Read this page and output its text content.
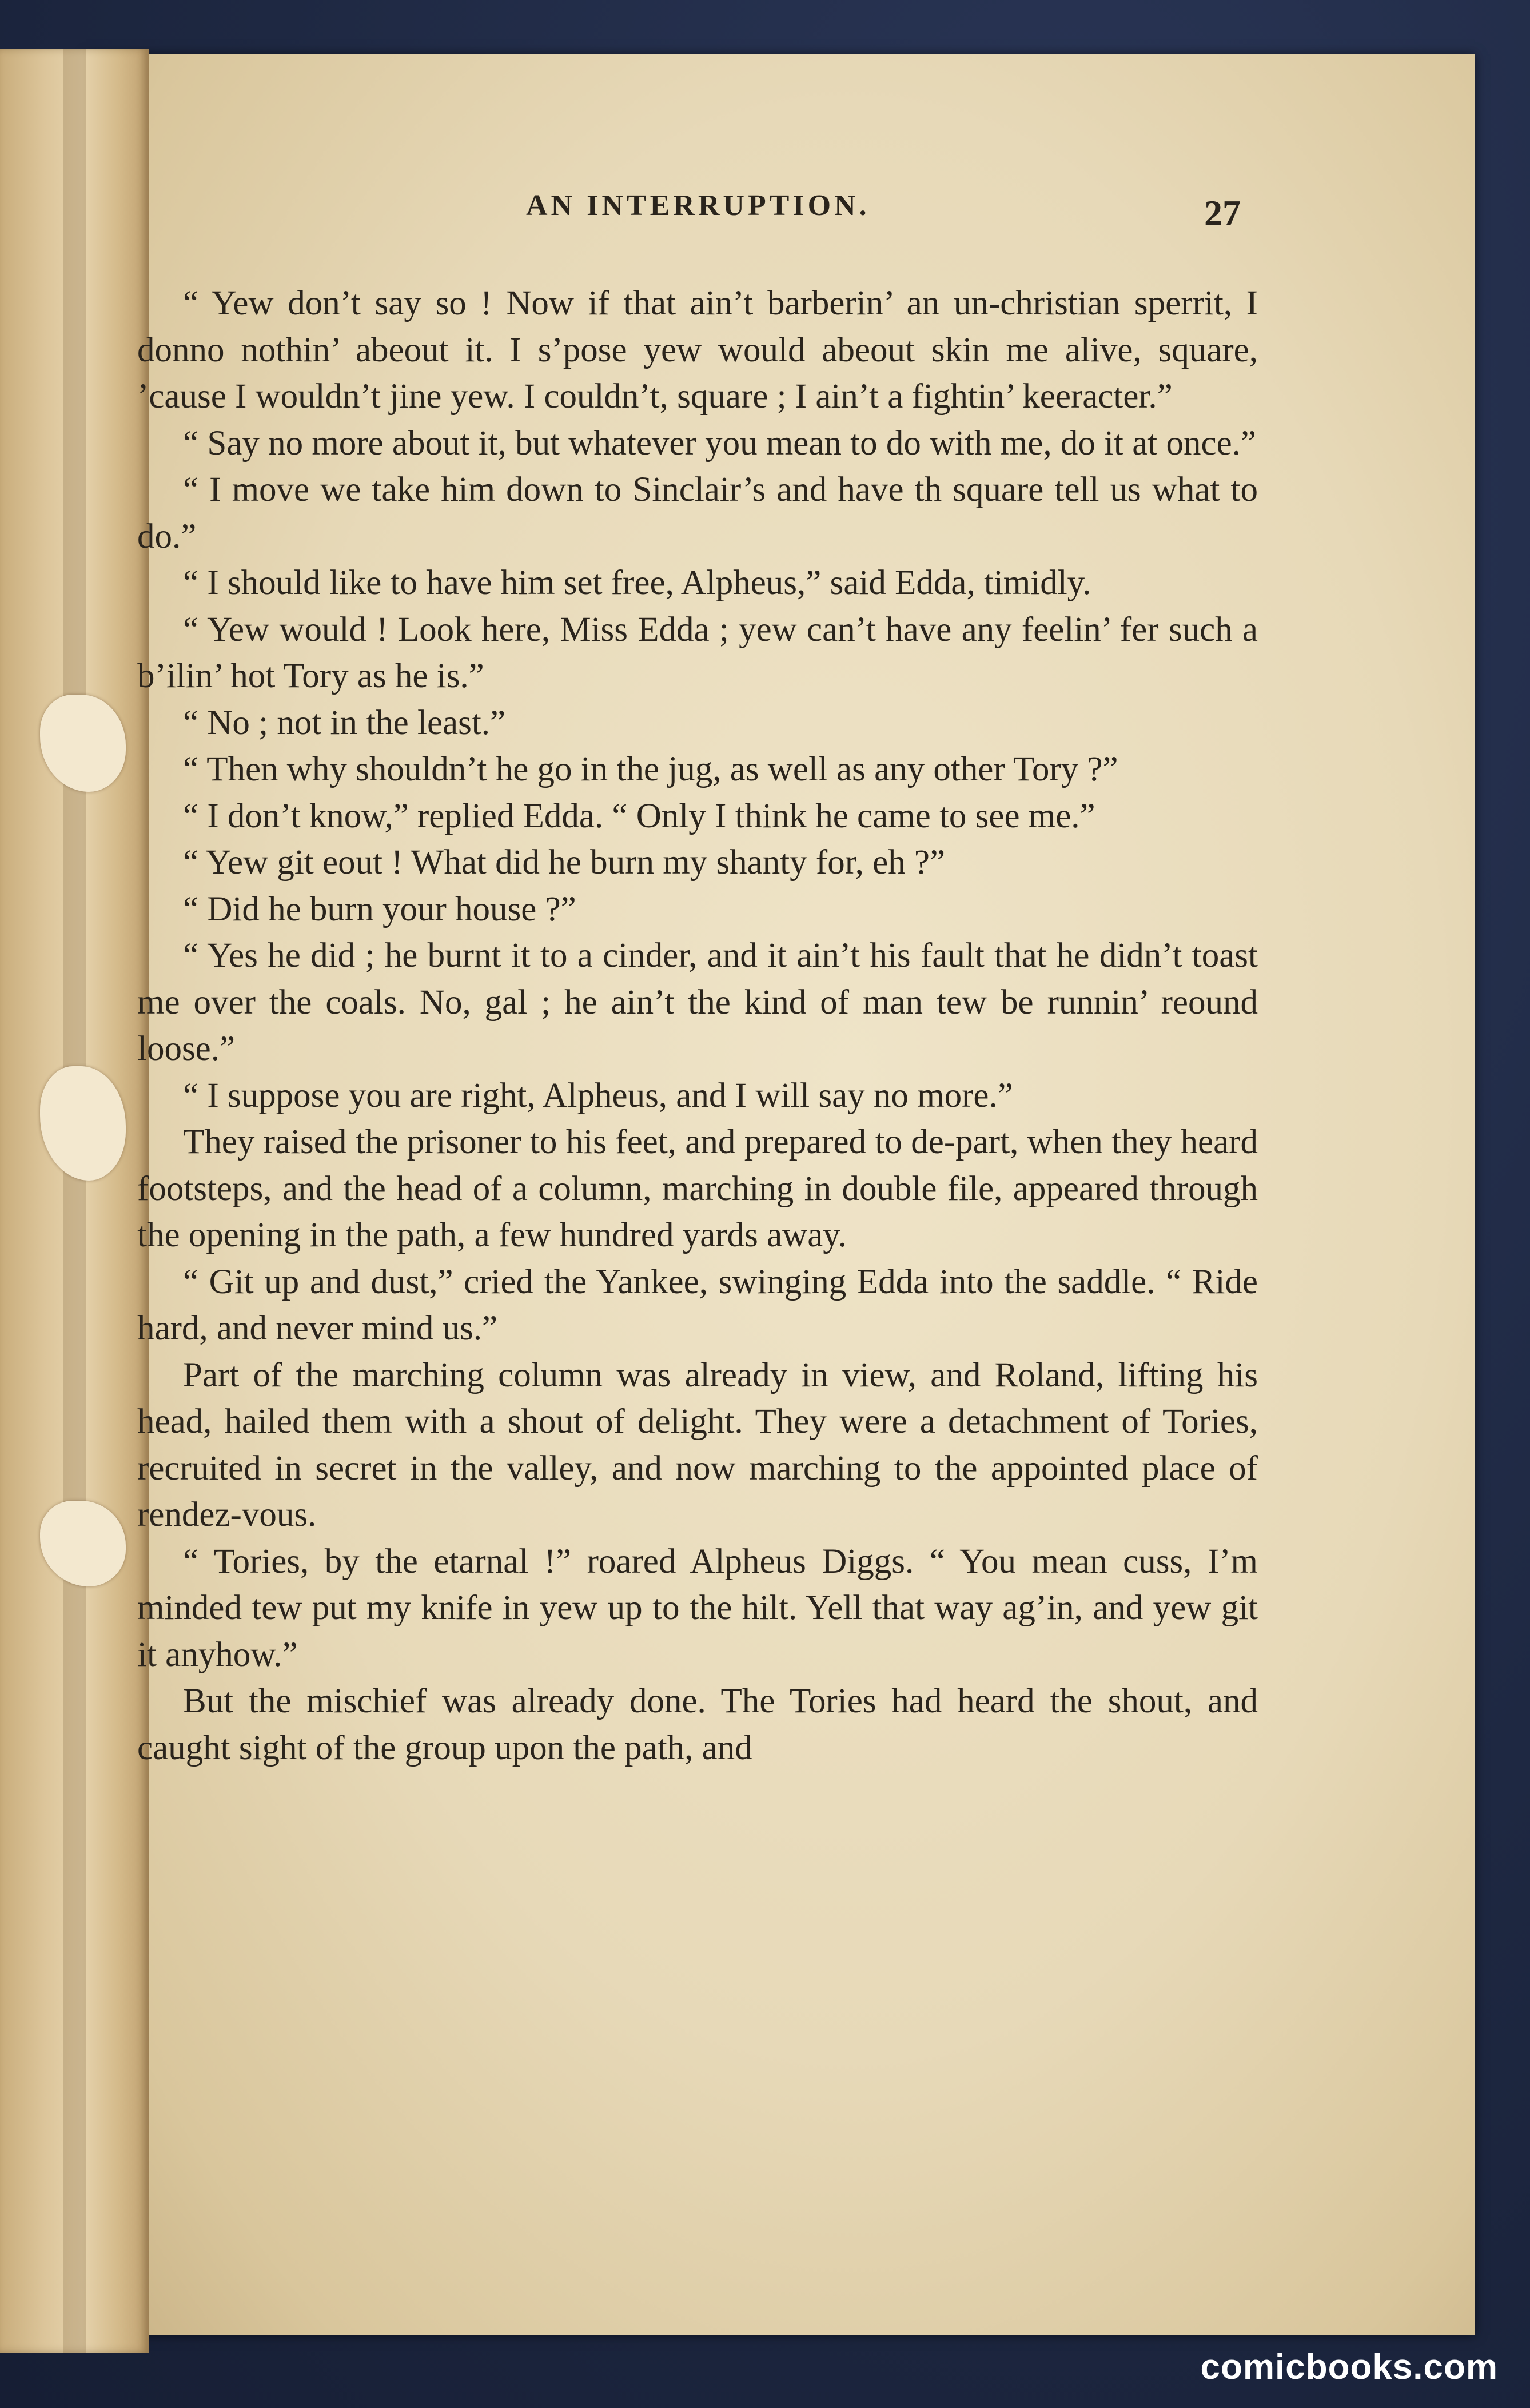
AN INTERRUPTION.	27

“ Yew don’t say so ! Now if that ain’t barberin’ an un-christian sperrit, I donno nothin’ abeout it. I s’pose yew would abeout skin me alive, square, ’cause I wouldn’t jine yew. I couldn’t, square ; I ain’t a fightin’ keeracter.”

“ Say no more about it, but whatever you mean to do with me, do it at once.”

“ I move we take him down to Sinclair’s and have th square tell us what to do.”

“ I should like to have him set free, Alpheus,” said Edda, timidly.

“ Yew would ! Look here, Miss Edda ; yew can’t have any feelin’ fer such a b’ilin’ hot Tory as he is.”

“ No ; not in the least.”

“ Then why shouldn’t he go in the jug, as well as any other Tory ?”

“ I don’t know,” replied Edda. “ Only I think he came to see me.”

“ Yew git eout ! What did he burn my shanty for, eh ?”

“ Did he burn your house ?”

“ Yes he did ; he burnt it to a cinder, and it ain’t his fault that he didn’t toast me over the coals. No, gal ; he ain’t the kind of man tew be runnin’ reound loose.”

“ I suppose you are right, Alpheus, and I will say no more.”

They raised the prisoner to his feet, and prepared to de-part, when they heard footsteps, and the head of a column, marching in double file, appeared through the opening in the path, a few hundred yards away.

“ Git up and dust,” cried the Yankee, swinging Edda into the saddle. “ Ride hard, and never mind us.”

Part of the marching column was already in view, and Roland, lifting his head, hailed them with a shout of delight. They were a detachment of Tories, recruited in secret in the valley, and now marching to the appointed place of rendez-vous.

“ Tories, by the etarnal !” roared Alpheus Diggs. “ You mean cuss, I’m minded tew put my knife in yew up to the hilt. Yell that way ag’in, and yew git it anyhow.”

But the mischief was already done. The Tories had heard the shout, and caught sight of the group upon the path, and

comicbooks.com
